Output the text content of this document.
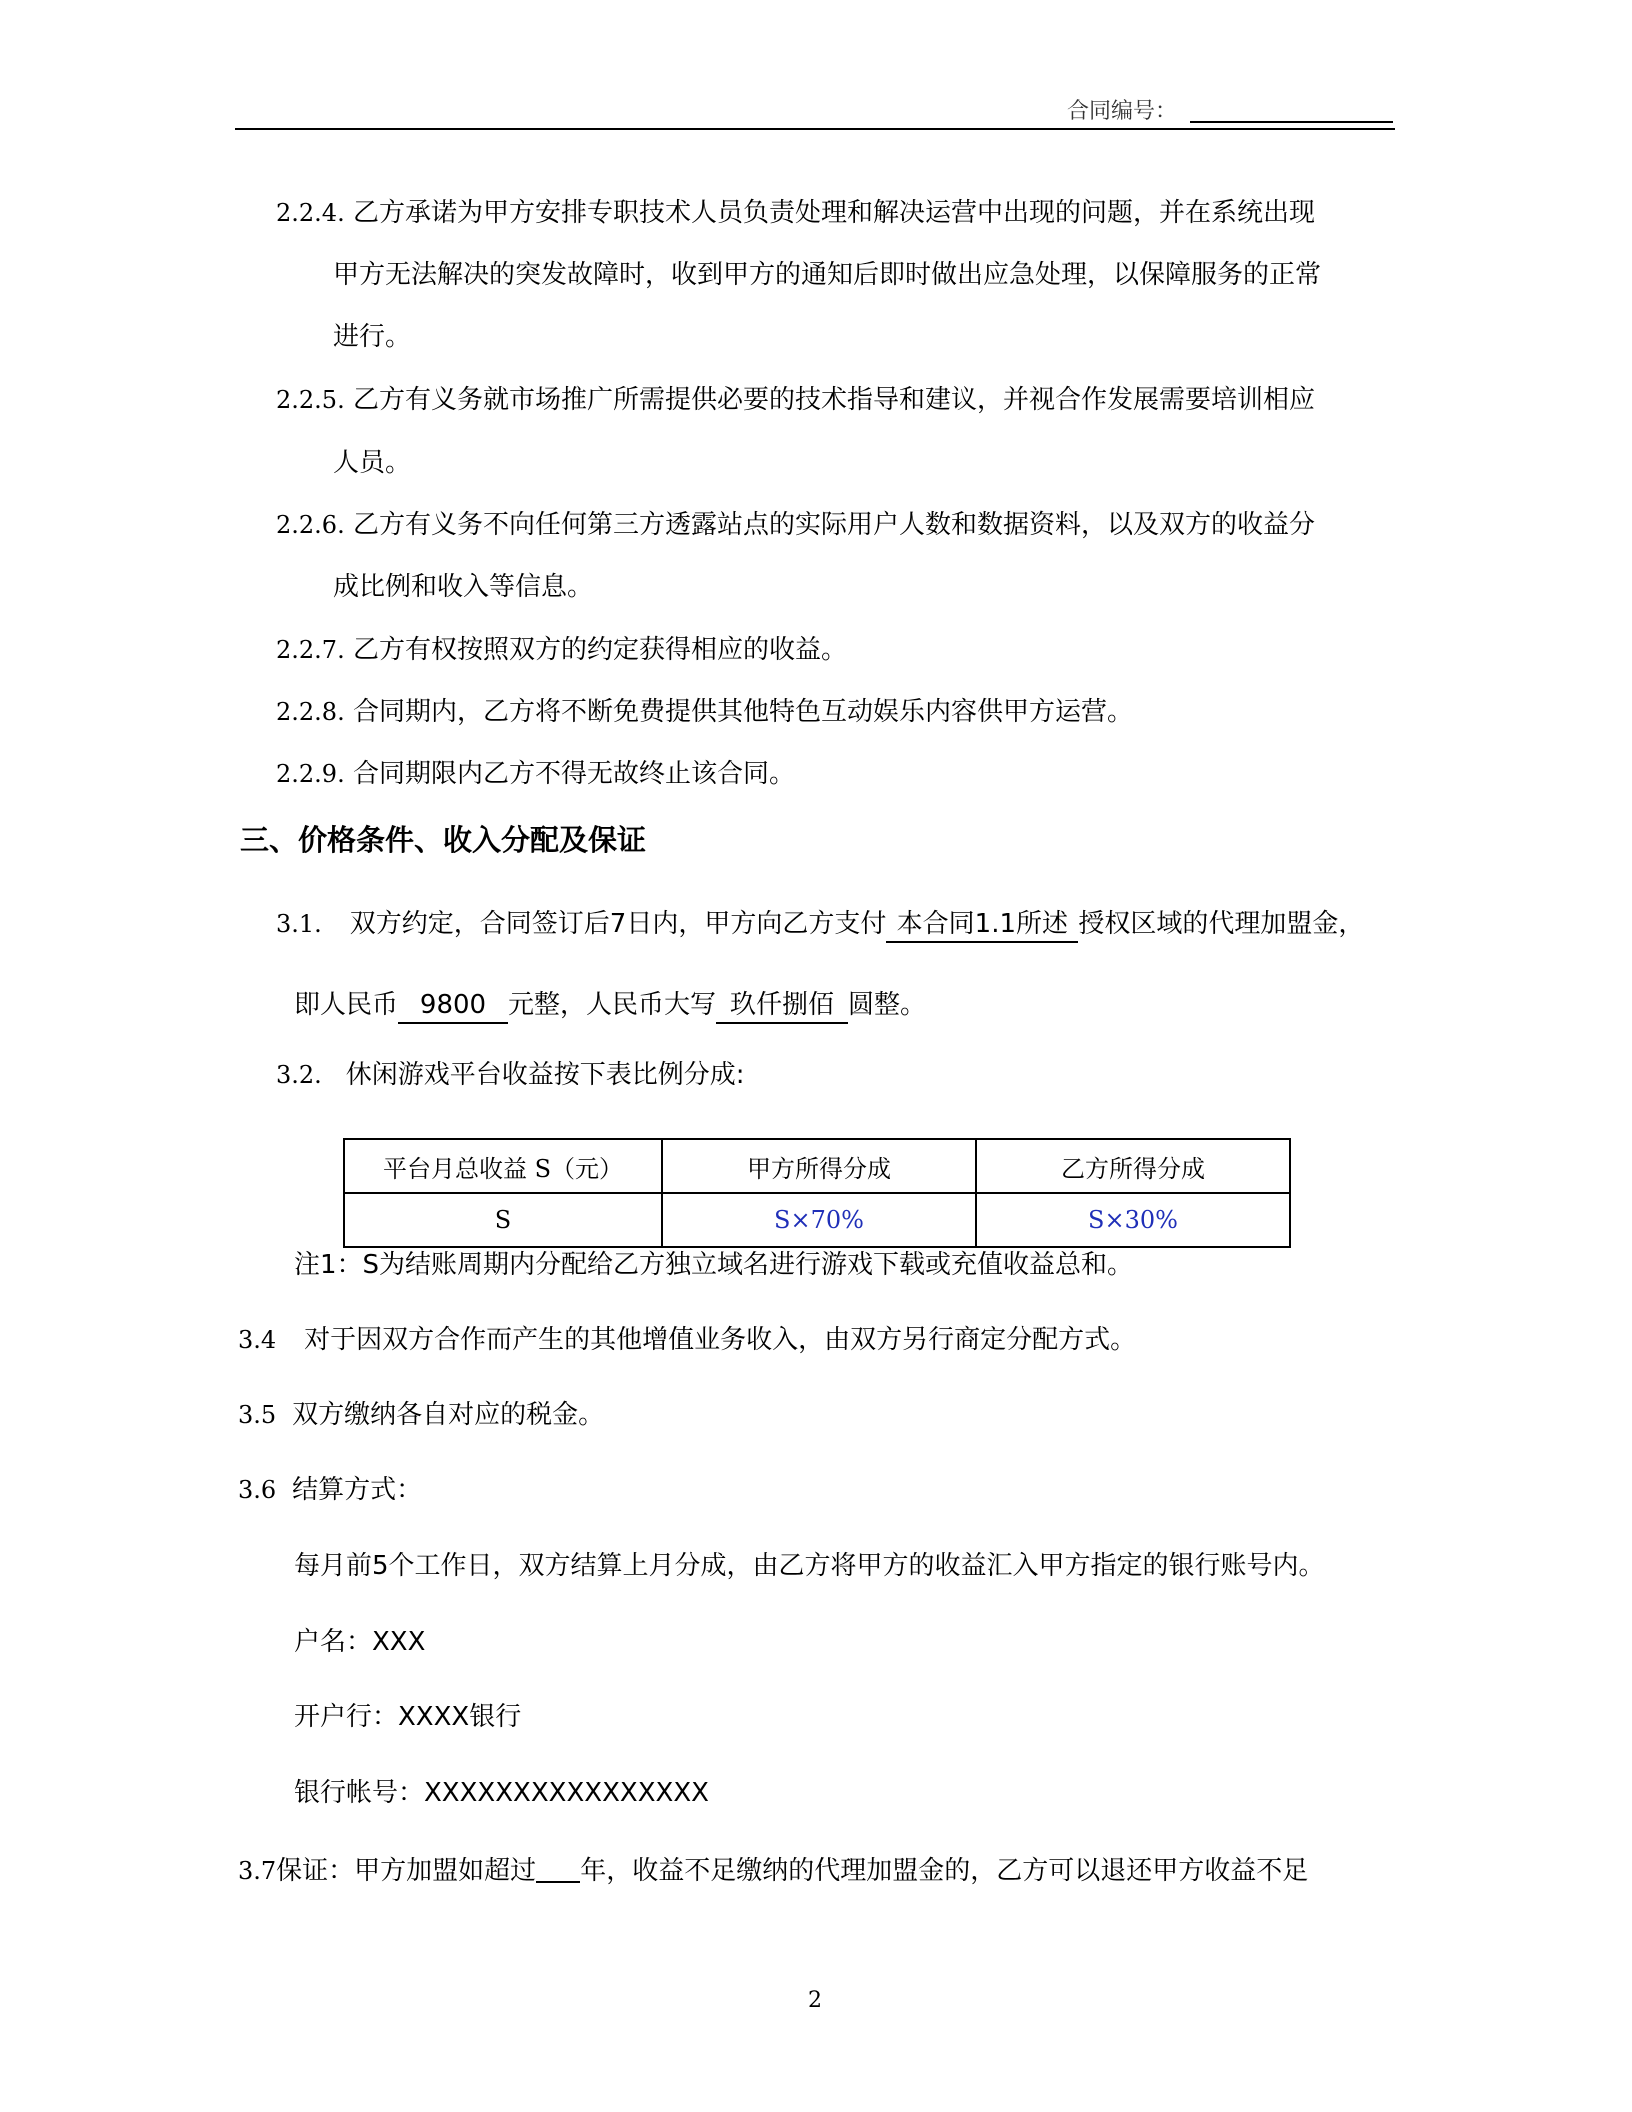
合同编号：
2.2.4. 乙方承诺为甲方安排专职技术人员负责处理和解决运营中出现的问题，并在系统出现
甲方无法解决的突发故障时，收到甲方的通知后即时做出应急处理，以保障服务的正常
进行。
2.2.5. 乙方有义务就市场推广所需提供必要的技术指导和建议，并视合作发展需要培训相应
人员。
2.2.6. 乙方有义务不向任何第三方透露站点的实际用户人数和数据资料，以及双方的收益分
成比例和收入等信息。
2.2.7. 乙方有权按照双方的约定获得相应的收益。
2.2.8. 合同期内，乙方将不断免费提供其他特色互动娱乐内容供甲方运营。
2.2.9. 合同期限内乙方不得无故终止该合同。
三、价格条件、收入分配及保证
3.1. 双方约定，合同签订后7日内，甲方向乙方支付 本合同1.1所述 授权区域的代理加盟金，
即人民币 9800 元整，人民币大写 玖仟捌佰 圆整。
3.2. 休闲游戏平台收益按下表比例分成:
平台月总收益 S（元）	甲方所得分成	乙方所得分成
S	S×70%	S×30%
注1：S为结账周期内分配给乙方独立域名进行游戏下载或充值收益总和。
3.4 对于因双方合作而产生的其他增值业务收入，由双方另行商定分配方式。
3.5 双方缴纳各自对应的税金。
3.6 结算方式：
每月前5个工作日，双方结算上月分成，由乙方将甲方的收益汇入甲方指定的银行账号内。
户名：XXX
开户行：XXXX银行
银行帐号：XXXXXXXXXXXXXXXX
3.7保证：甲方加盟如超过 年，收益不足缴纳的代理加盟金的，乙方可以退还甲方收益不足
2
